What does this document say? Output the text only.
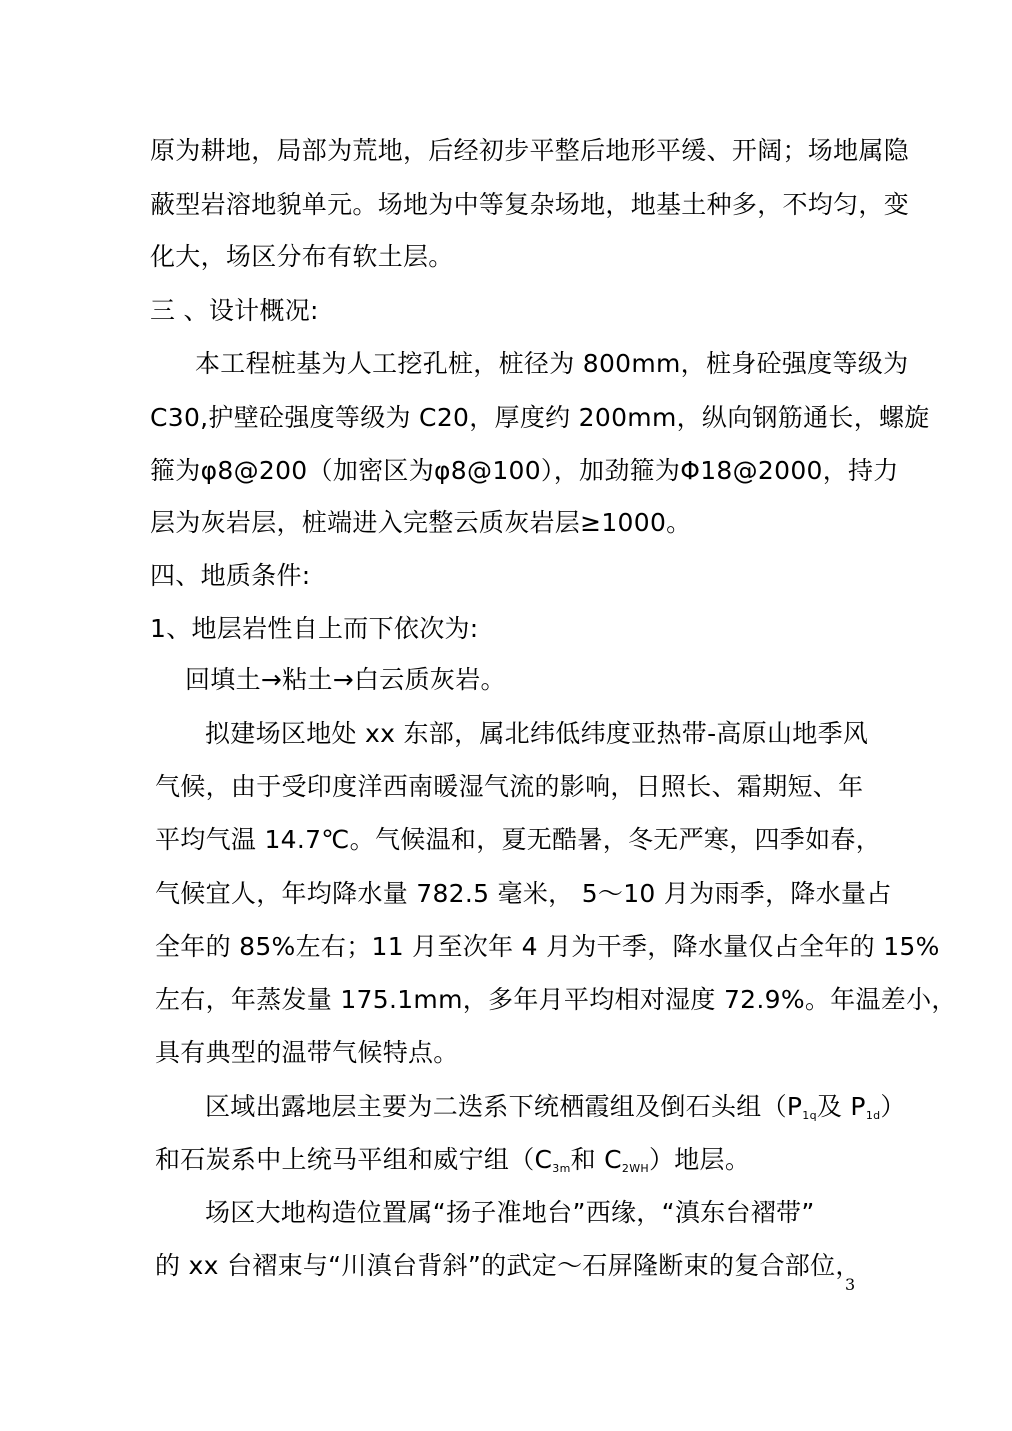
原为耕地，局部为荒地，后经初步平整后地形平缓、开阔；场地属隐
蔽型岩溶地貌单元。场地为中等复杂场地，地基土种多，不均匀，变
化大，场区分布有软土层。
三 、设计概况:
本工程桩基为人工挖孔桩，桩径为 800mm，桩身砼强度等级为
C30,护壁砼强度等级为 C20，厚度约 200mm，纵向钢筋通长，螺旋
箍为φ8@200（加密区为φ8@100），加劲箍为Φ18@2000，持力
层为灰岩层，桩端进入完整云质灰岩层≥1000。
四、地质条件:
1、地层岩性自上而下依次为:
回填土→粘土→白云质灰岩。
拟建场区地处 xx 东部，属北纬低纬度亚热带-高原山地季风
气候，由于受印度洋西南暖湿气流的影响，日照长、霜期短、年
平均气温 14.7℃。气候温和，夏无酷暑，冬无严寒，四季如春，
气候宜人，年均降水量 782.5 毫米， 5～10 月为雨季，降水量占
全年的 85%左右；11 月至次年 4 月为干季，降水量仅占全年的 15%
左右，年蒸发量 175.1mm，多年月平均相对湿度 72.9%。年温差小，
具有典型的温带气候特点。
区域出露地层主要为二迭系下统栖霞组及倒石头组（$P_{1q}$及 $P_{1d}$）
和石炭系中上统马平组和威宁组（$C_{3m}$和 $C_{2WH}$）地层。
场区大地构造位置属“扬子准地台”西缘，“滇东台褶带”
的 xx 台褶束与“川滇台背斜”的武定～石屏隆断束的复合部位，
3
